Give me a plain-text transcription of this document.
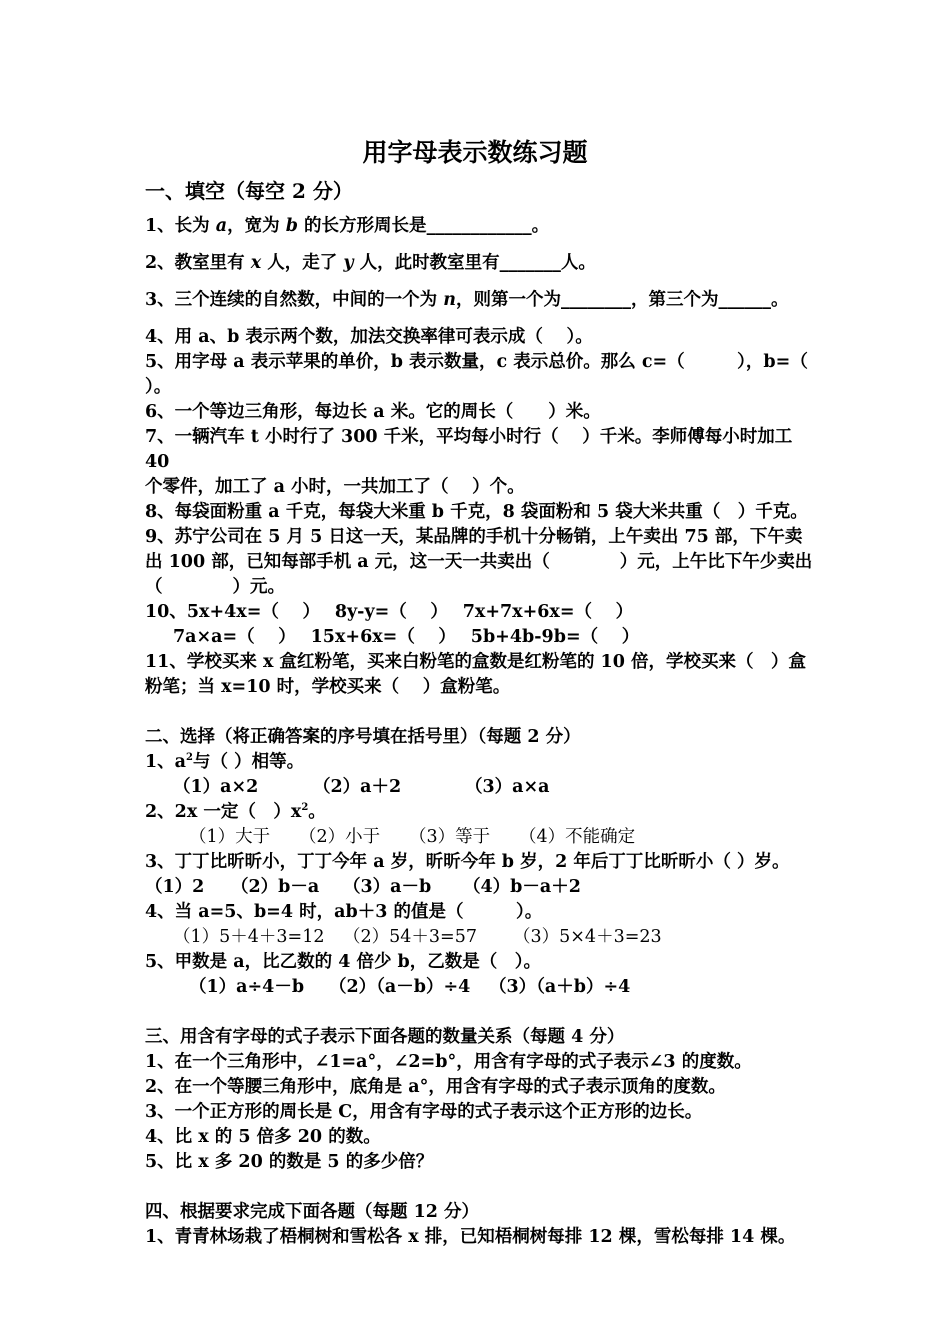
用字母表示数练习题
一、填空（每空 2 分）
1、长为 a，宽为 b 的长方形周长是____________。
2、教室里有 x 人，走了 y 人，此时教室里有_______人。
3、三个连续的自然数，中间的一个为 n，则第一个为________，第三个为______。
4、用 a、b 表示两个数，加法交换率律可表示成（　 ）。
5、用字母 a 表示苹果的单价，b 表示数量，c 表示总价。那么 c=（　　　），b=（
）。
6、一个等边三角形，每边长 a 米。它的周长（　　）米。
7、一辆汽车 t 小时行了 300 千米，平均每小时行（　 ）千米。李师傅每小时加工 40
个零件，加工了 a 小时，一共加工了（　 ）个。
8、每袋面粉重 a 千克，每袋大米重 b 千克，8 袋面粉和 5 袋大米共重（　）千克。
9、苏宁公司在 5 月 5 日这一天，某品牌的手机十分畅销，上午卖出 75 部，下午卖
出 100 部，已知每部手机 a 元，这一天一共卖出（　　　　）元，上午比下午少卖出
（　　　　）元。
10、5x+4x=（　 ）　 8y-y=（　 ）　 7x+7x+6x=（　 ）
7a×a=（　 ）　 15x+6x=（　 ）　 5b+4b-9b=（　 ）
11、学校买来 x 盒红粉笔，买来白粉笔的盒数是红粉笔的 10 倍，学校买来（　）盒
粉笔；当 x=10 时，学校买来（　 ）盒粉笔。
二、选择（将正确答案的序号填在括号里）（每题 2 分）
1、$a^2$与（ ）相等。
（1）a×2	（2）a＋2	（3）a×a
2、2x 一定（　）$x^2$。
（1）大于 （2）小于 （3）等于 （4）不能确定
3、丁丁比昕昕小，丁丁今年 a 岁，昕昕今年 b 岁，2 年后丁丁比昕昕小（ ）岁。
（1）2 （2）b－a （3）a－b （4）b－a＋2
4、当 a=5、b=4 时，ab＋3 的值是（　　　）。
（1）5＋4＋3=12 （2）54＋3=57 （3）5×4＋3=23
5、甲数是 a，比乙数的 4 倍少 b，乙数是（　）。
（1）a÷4－b （2）（a－b）÷4 （3）（a＋b）÷4
三、用含有字母的式子表示下面各题的数量关系（每题 4 分）
1、在一个三角形中，∠1=a°，∠2=b°，用含有字母的式子表示∠3 的度数。
2、在一个等腰三角形中，底角是 a°，用含有字母的式子表示顶角的度数。
3、一个正方形的周长是 C，用含有字母的式子表示这个正方形的边长。
4、比 x 的 5 倍多 20 的数。
5、比 x 多 20 的数是 5 的多少倍？
四、根据要求完成下面各题（每题 12 分）
1、青青林场栽了梧桐树和雪松各 x 排，已知梧桐树每排 12 棵，雪松每排 14 棵。
